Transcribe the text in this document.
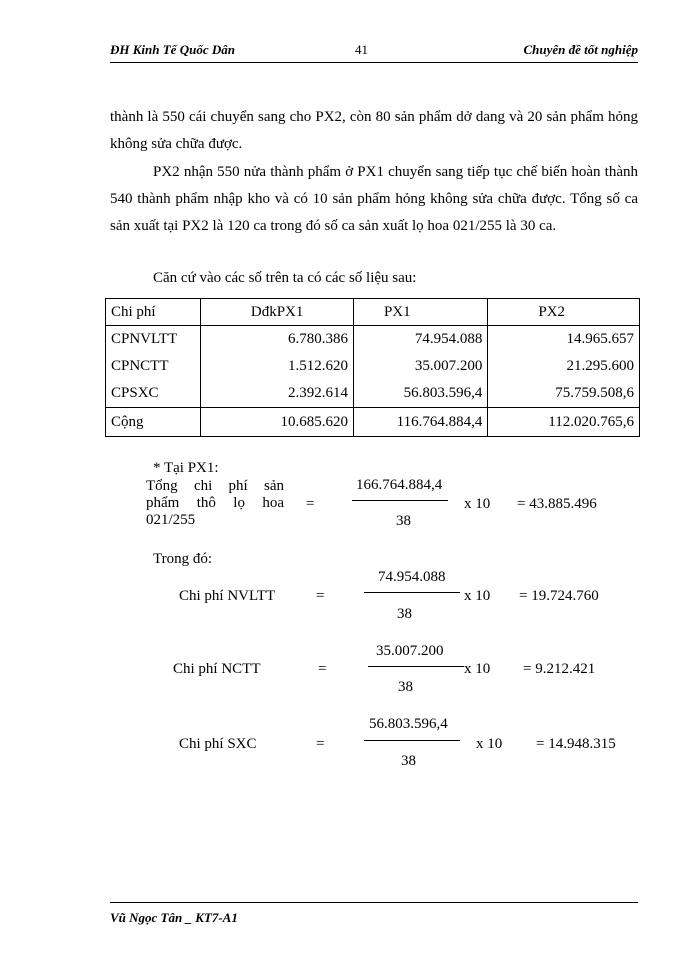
ĐH Kinh Tế Quốc Dân	41	Chuyên đề tốt nghiệp
thành là 550 cái chuyển sang cho PX2, còn 80 sản phẩm dở dang và 20 sản phẩm hỏng không sửa chữa được.
PX2 nhận 550 nửa thành phẩm ở PX1 chuyển sang tiếp tục chế biến hoàn thành 540 thành phẩm nhập kho và có 10 sản phẩm hỏng không sửa chữa được. Tổng số ca sản xuất tại PX2 là 120 ca trong đó số ca sản xuất lọ hoa 021/255 là 30 ca.
Căn cứ vào các số trên ta có các số liệu sau:
Chi phí	DđkPX1	PX1	PX2
CPNVLTT	6.780.386	74.954.088	14.965.657
CPNCTT	1.512.620	35.007.200	21.295.600
CPSXC	2.392.614	56.803.596,4	75.759.508,6
Cộng	10.685.620	116.764.884,4	112.020.765,6
* Tại PX1:
Tổng chi phí sản
phẩm thô lọ hoa
021/255
=
166.764.884,4
38
x 10 = 43.885.496
Trong đó:
Chi phí NVLTT	=
74.954.088
38
x 10 = 19.724.760
Chi phí NCTT	=
35.007.200
38
x 10 = 9.212.421
Chi phí SXC	=
56.803.596,4
38
x 10 = 14.948.315
Vũ Ngọc Tân _ KT7-A1
